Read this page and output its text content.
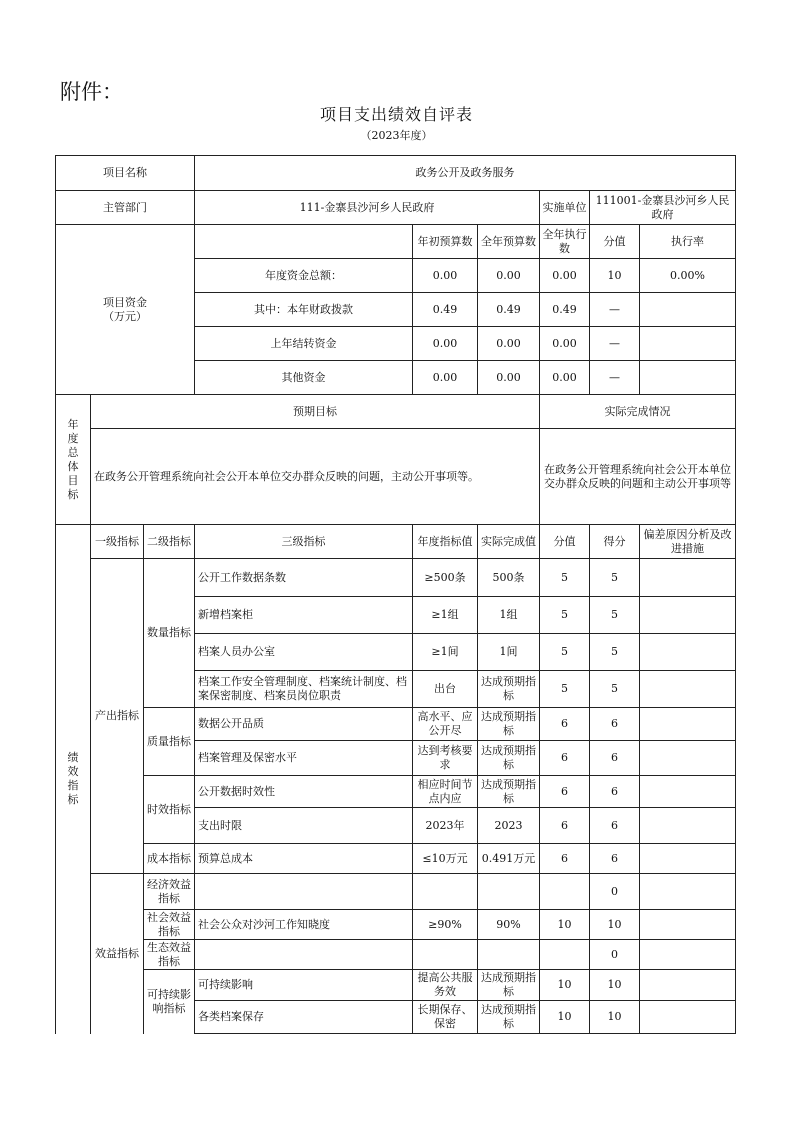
附件：
项目支出绩效自评表
（2023年度）
项目名称			政务公开及政务服务						
主管部门			111-金寨县沙河乡人民政府			实施单位	111001-金寨县沙河乡人民政府		

项目资金
（万元）				年初预算数	全年预算数	全年执行数	分值	执行率	
			年度资金总额：	0.00	0.00	0.00	10	0.00%	
			其中：本年财政拨款	0.49	0.49	0.49	—		
			上年结转资金	0.00	0.00	0.00	—		
			其他资金	0.00	0.00	0.00	—		

年度总体目标	预期目标					实际完成情况			
	在政务公开管理系统向社会公开本单位交办群众反映的问题，主动公开事项等。					在政务公开管理系统向社会公开本单位交办群众反映的问题和主动公开事项等			

绩效指标	一级指标	二级指标	三级指标	年度指标值	实际完成值	分值	得分	偏差原因分析及改进措施	
	产出指标	数量指标	公开工作数据条数	≥500条	500条	5	5		
			新增档案柜	≥1组	1组	5	5		
			档案人员办公室	≥1间	1间	5	5		
			档案工作安全管理制度、档案统计制度、档案保密制度、档案员岗位职责	出台	达成预期指标	5	5		
		质量指标	数据公开品质	高水平、应公开尽	达成预期指标	6	6		
			档案管理及保密水平	达到考核要求	达成预期指标	6	6		
		时效指标	公开数据时效性	相应时间节点内应	达成预期指标	6	6		
			支出时限	2023年	2023	6	6		
		成本指标	预算总成本	≤10万元	0.491万元	6	6		
	效益指标	经济效益指标					0		
		社会效益指标	社会公众对沙河工作知晓度	≥90%	90%	10	10		
		生态效益指标					0		
		可持续影响指标	可持续影响	提高公共服务效	达成预期指标	10	10		
			各类档案保存	长期保存、保密	达成预期指标	10	10		
